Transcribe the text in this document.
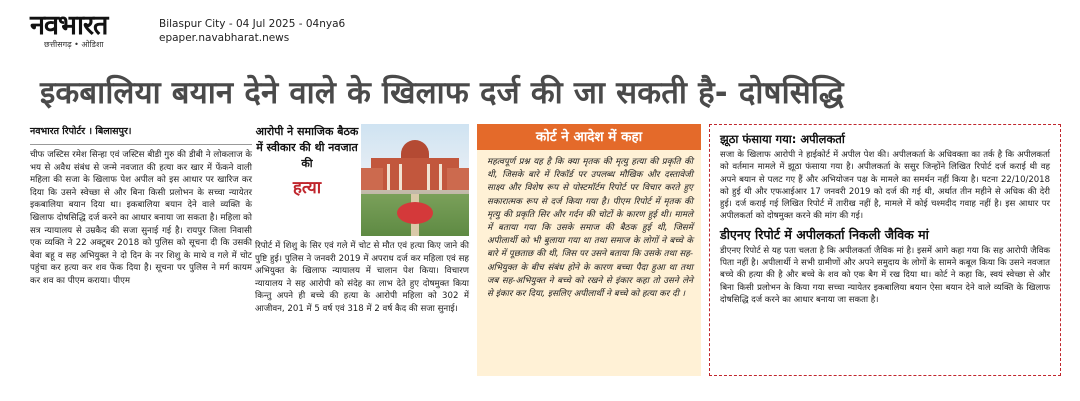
नवभारत
छत्तीसगढ़ • ओडिशा
Bilaspur City - 04 Jul 2025 - 04nya6
epaper.navabharat.news
इकबालिया बयान देने वाले के खिलाफ दर्ज की जा सकती है- दोषसिद्धि
नवभारत रिपोर्टर । बिलासपुर।

चीफ जस्टिस रमेश सिन्हा एवं जस्टिस बीडी गुरु की डीबी ने लोकलाज के भय से अवैध संबंध से जन्मे नवजात की हत्या कर खार में फेंकने वाली महिला की सजा के खिलाफ पेश अपील को इस आधार पर खारिज कर दिया कि उसने स्वेच्छा से और बिना किसी प्रलोभन के सच्चा न्यायेतर इकबालिया बयान दिया था। इकबालिया बयान देने वाले व्यक्ति के खिलाफ दोषसिद्धि दर्ज करने का आधार बनाया जा सकता है। महिला को सत्र न्यायालय से उम्रकैद की सजा सुनाई गई है। रायपुर जिला निवासी एक व्यक्ति ने 22 अक्टूबर 2018 को पुलिस को सूचना दी कि उसकी बेवा बहू व सह अभियुक्त ने दो दिन के नर शिशु के माथे व गले में चोट पहुंचा कर हत्या कर शव फेंक दिया है। सूचना पर पुलिस ने मर्ग कायम कर शव का पीएम कराया। पीएम

आरोपी ने समाजिक बैठक में स्वीकार की थी नवजात की
हत्या

रिपोर्ट में शिशु के सिर एवं गले में चोट से मौत एवं हत्या किए जाने की पुष्टि हुई। पुलिस ने जनवरी 2019 में अपराध दर्ज कर महिला एवं सह अभियुक्त के खिलाफ न्यायालय में चालान पेश किया। विचारण न्यायालय ने सह आरोपी को संदेह का लाभ देते हुए दोषमुक्त किया किन्तु अपने ही बच्चे की हत्या के आरोपी महिला को 302 में आजीवन, 201 में 5 वर्ष एवं 318 में 2 वर्ष कैद की सजा सुनाई।

कोर्ट ने आदेश में कहा

महत्वपूर्ण प्रश्न यह है कि क्या मृतक की मृत्यु हत्या की प्रकृति की थी, जिसके बारे में रिकॉर्ड पर उपलब्ध मौखिक और दस्तावेजी साक्ष्य और विशेष रूप से पोस्टमॉर्टम रिपोर्ट पर विचार करते हुए सकारात्मक रूप से दर्ज किया गया है। पीएम रिपोर्ट में मृतक की मृत्यु की प्रकृति सिर और गर्दन की चोटों के कारण हुई थी। मामले में बताया गया कि उसके समाज की बैठक हुई थी, जिसमें अपीलार्थी को भी बुलाया गया था तथा समाज के लोगों ने बच्चे के बारे में पूछताछ की थी, जिस पर उसने बताया कि उसके तथा सह-अभियुक्त के बीच संबंध होने के कारण बच्चा पैदा हुआ था तथा जब सह-अभियुक्त ने बच्चे को रखने से इंकार कहा तो उसने लेने से इंकार कर दिया, इसलिए अपीलार्थी ने बच्चे को हत्या कर दी ।

झूठा फंसाया गया: अपीलकर्ता

सजा के खिलाफ आरोपी ने हाईकोर्ट में अपील पेश की। अपीलकर्ता के अधिवक्ता का तर्क है कि अपीलकर्ता को वर्तमान मामले में झूठा फंसाया गया है। अपीलकर्ता के ससुर जिन्होंने लिखित रिपोर्ट दर्ज कराई थी वह अपने बयान से पलट गए हैं और अभियोजन पक्ष के मामले का समर्थन नहीं किया है। घटना 22/10/2018 को हुई थी और एफआईआर 17 जनवरी 2019 को दर्ज की गई थी, अर्थात तीन महीने से अधिक की देरी हुई। दर्ज कराई गई लिखित रिपोर्ट में तारीख नहीं है, मामले में कोई चश्मदीद गवाह नहीं है। इस आधार पर अपीलकर्ता को दोषमुक्त करने की मांग की गई।

डीएनए रिपोर्ट में अपीलकर्ता निकली जैविक मां

डीएनए रिपोर्ट से यह पता चलता है कि अपीलकर्ता जैविक मां है। इसमें आगे कहा गया कि सह आरोपी जैविक पिता नहीं है। अपीलार्थी ने सभी ग्रामीणों और अपने समुदाय के लोगों के सामने कबूल किया कि उसने नवजात बच्चे की हत्या की है और बच्चे के शव को एक बैग में रख दिया था। कोर्ट ने कहा कि, स्वयं स्वेच्छा से और बिना किसी प्रलोभन के किया गया सच्चा न्यायेतर इकबालिया बयान ऐसा बयान देने वाले व्यक्ति के खिलाफ दोषसिद्धि दर्ज करने का आधार बनाया जा सकता है।
